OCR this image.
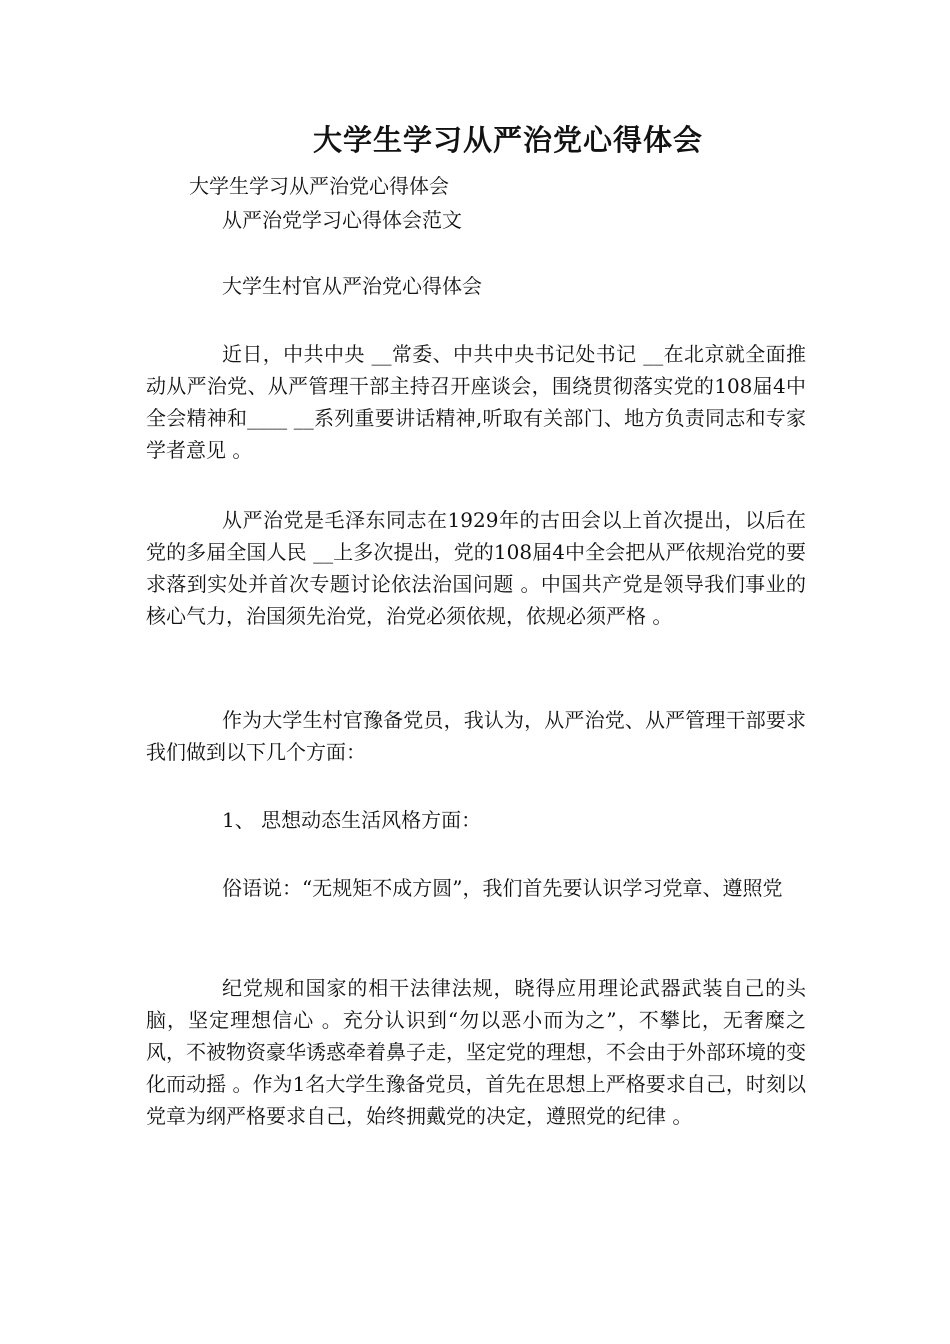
大学生学习从严治党心得体会
大学生学习从严治党心得体会
从严治党学习心得体会范文
大学生村官从严治党心得体会
近日，中共中央 __常委、中共中央书记处书记 __在北京就全面推动从严治党、从严管理干部主持召开座谈会，围绕贯彻落实党的108届4中全会精神和____ __系列重要讲话精神,听取有关部门、地方负责同志和专家学者意见 。
从严治党是毛泽东同志在1929年的古田会以上首次提出，以后在党的多届全国人民 __上多次提出，党的108届4中全会把从严依规治党的要求落到实处并首次专题讨论依法治国问题 。中国共产党是领导我们事业的核心气力，治国须先治党，治党必须依规，依规必须严格 。
作为大学生村官豫备党员，我认为，从严治党、从严管理干部要求我们做到以下几个方面：
1、 思想动态生活风格方面：
俗语说：“无规矩不成方圆”，我们首先要认识学习党章、遵照党
纪党规和国家的相干法律法规，晓得应用理论武器武装自己的头脑，坚定理想信心 。充分认识到“勿以恶小而为之”，不攀比，无奢糜之风，不被物资豪华诱惑牵着鼻子走，坚定党的理想，不会由于外部环境的变化而动摇 。作为1名大学生豫备党员，首先在思想上严格要求自己，时刻以党章为纲严格要求自己，始终拥戴党的决定，遵照党的纪律 。
